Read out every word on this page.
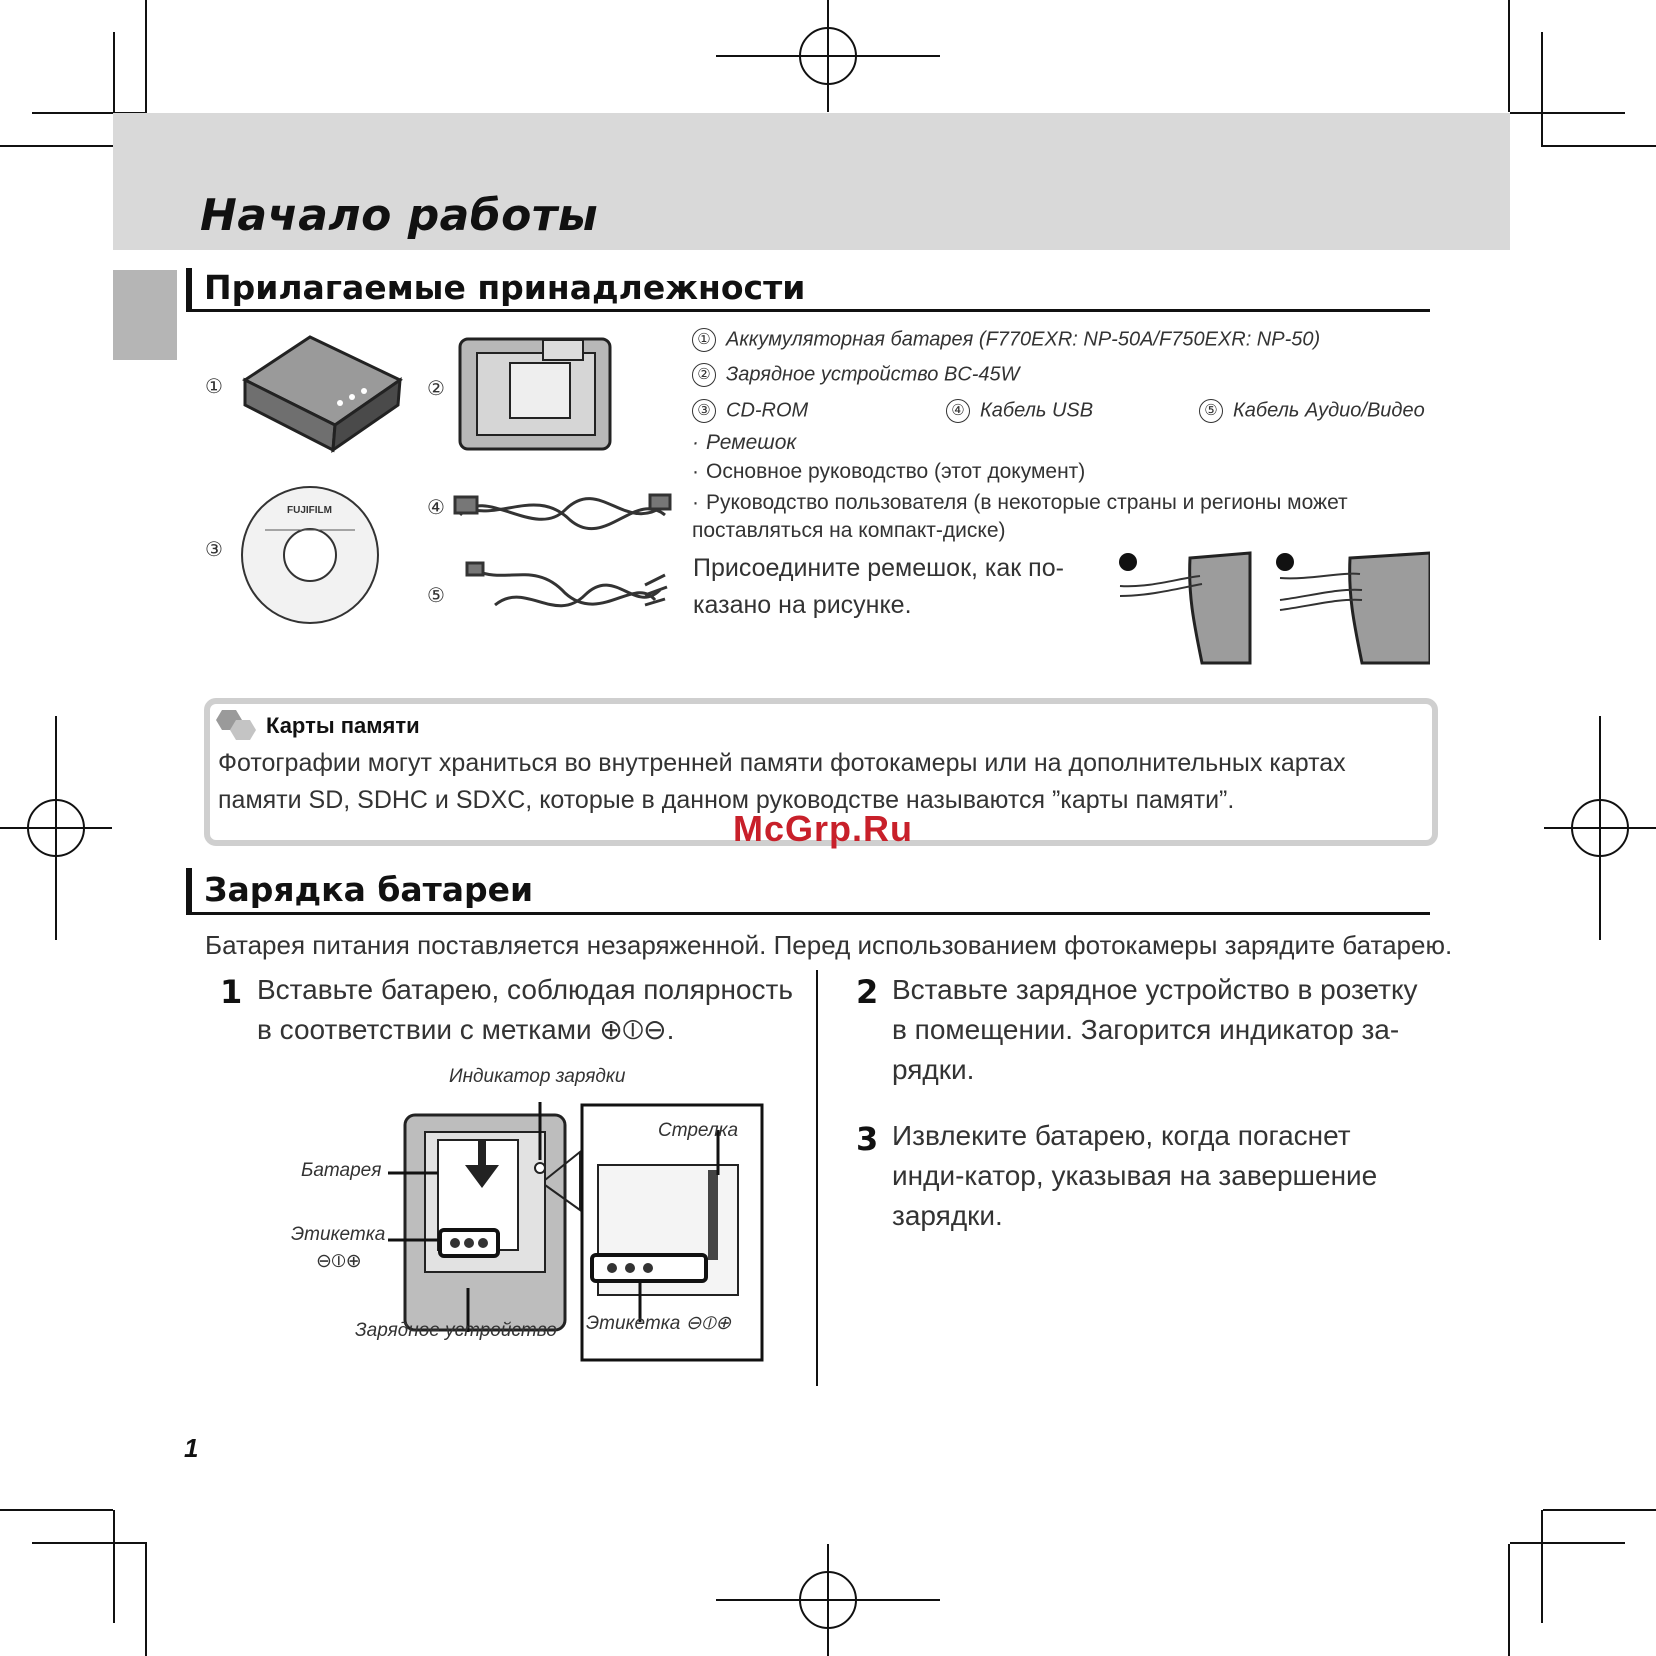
Начало работы
Прилагаемые принадлежности
①	②
③
④
⑤
FUJIFILM
① Аккумуляторная батарея (F770EXR: NP-50A/F750EXR: NP-50)
② Зарядное устройство BC-45W
③ CD-ROM	④ Кабель USB	⑤ Кабель Аудио/Видео
· Ремешок
· Основное руководство (этот документ)
· Руководство пользователя (в некоторые страны и регионы может поставляться на компакт-диске)
Присоедините ремешок, как по-казано на рисунке.
Карты памяти
Фотографии могут храниться во внутренней памяти фотокамеры или на дополнительных картах памяти SD, SDHC и SDXC, которые в данном руководстве называются ”карты памяти”.
McGrp.Ru
Зарядка батареи
Батарея питания поставляется незаряженной. Перед использованием фотокамеры зарядите батарею.
1 Вставьте батарею, соблюдая полярность в соответствии с метками ⊕⦶⊖.
2 Вставьте зарядное устройство в розетку в помещении. Загорится индикатор за-рядки.
3 Извлеките батарею, когда погаснет инди-катор, указывая на завершение зарядки.
Индикатор зарядки
Батарея
Этикетка
⊖⦶⊕
Зарядное устройство
Стрелка
Этикетка ⊖⦶⊕
1
